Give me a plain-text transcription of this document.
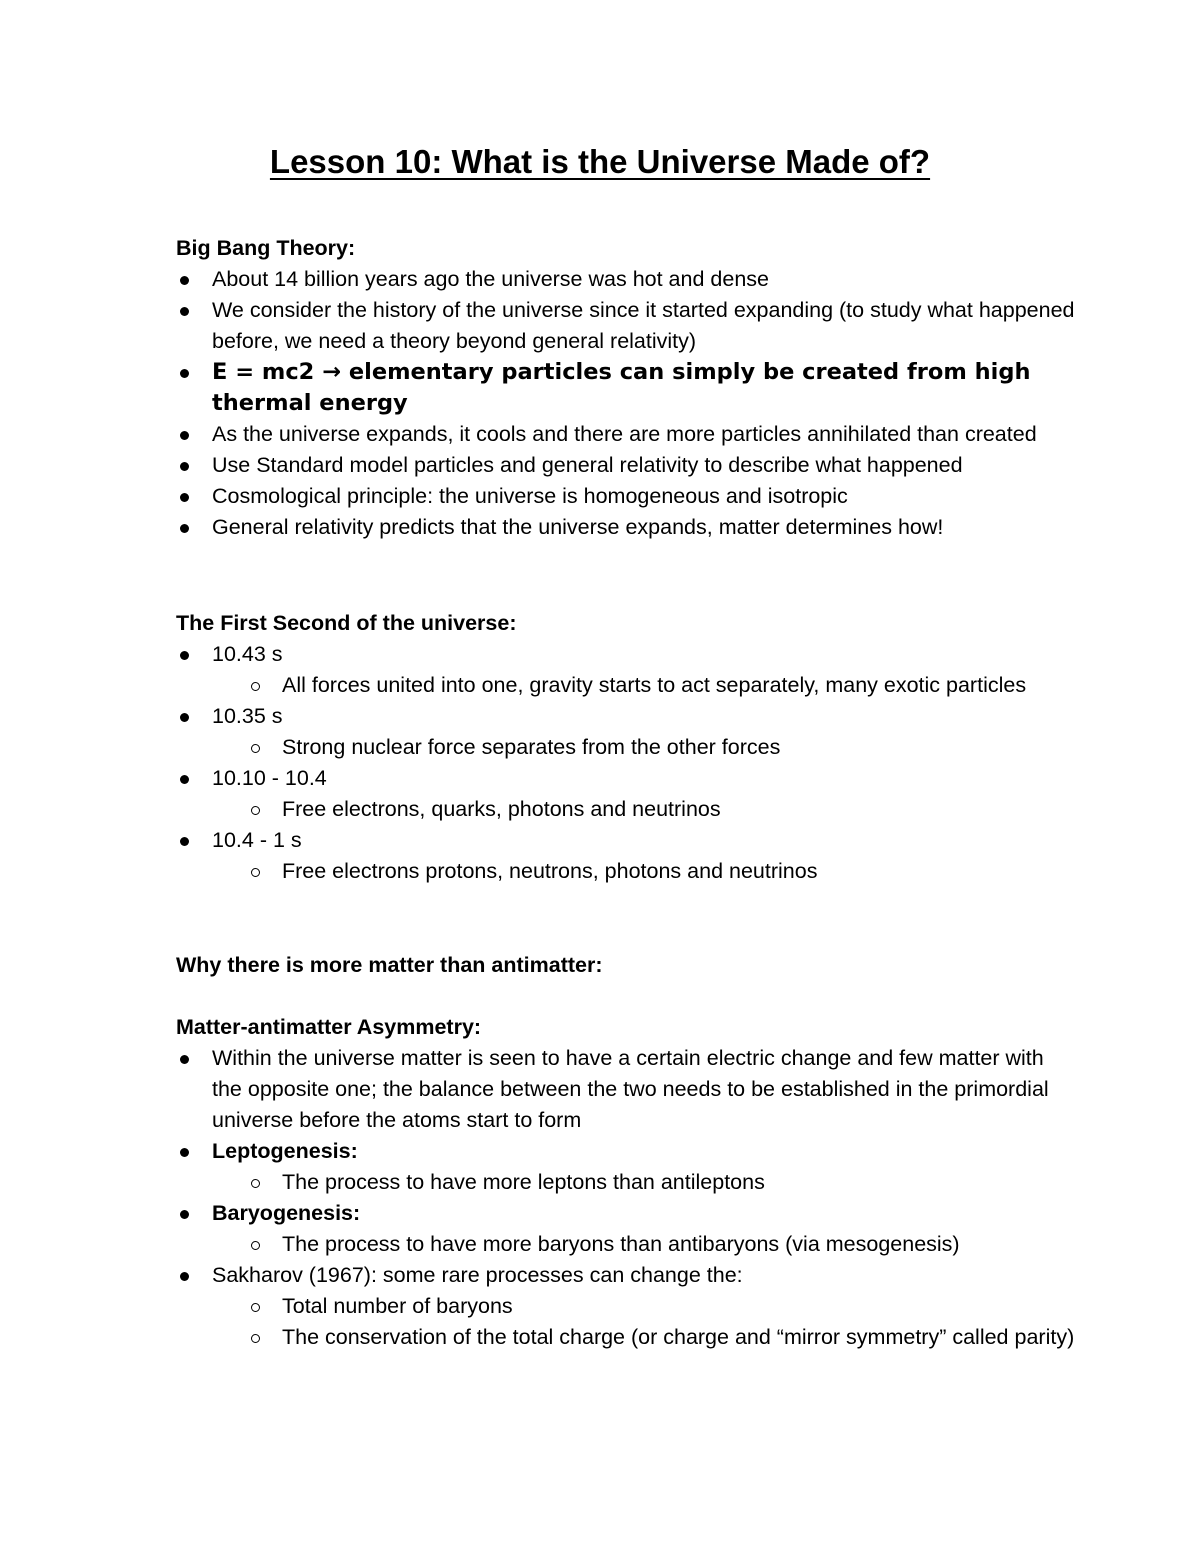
Lesson 10: What is the Universe Made of?
Big Bang Theory:
About 14 billion years ago the universe was hot and dense
We consider the history of the universe since it started expanding (to study what happened before, we need a theory beyond general relativity)
E = mc2 → elementary particles can simply be created from high thermal energy
As the universe expands, it cools and there are more particles annihilated than created
Use Standard model particles and general relativity to describe what happened
Cosmological principle: the universe is homogeneous and isotropic
General relativity predicts that the universe expands, matter determines how!
The First Second of the universe:
10.43 s
All forces united into one, gravity starts to act separately, many exotic particles
10.35 s
Strong nuclear force separates from the other forces
10.10 - 10.4
Free electrons, quarks, photons and neutrinos
10.4 - 1 s
Free electrons protons, neutrons, photons and neutrinos
Why there is more matter than antimatter:
Matter-antimatter Asymmetry:
Within the universe matter is seen to have a certain electric change and few matter with the opposite one; the balance between the two needs to be established in the primordial universe before the atoms start to form
Leptogenesis:
The process to have more leptons than antileptons
Baryogenesis:
The process to have more baryons than antibaryons (via mesogenesis)
Sakharov (1967): some rare processes can change the:
Total number of baryons
The conservation of the total charge (or charge and “mirror symmetry” called parity)
